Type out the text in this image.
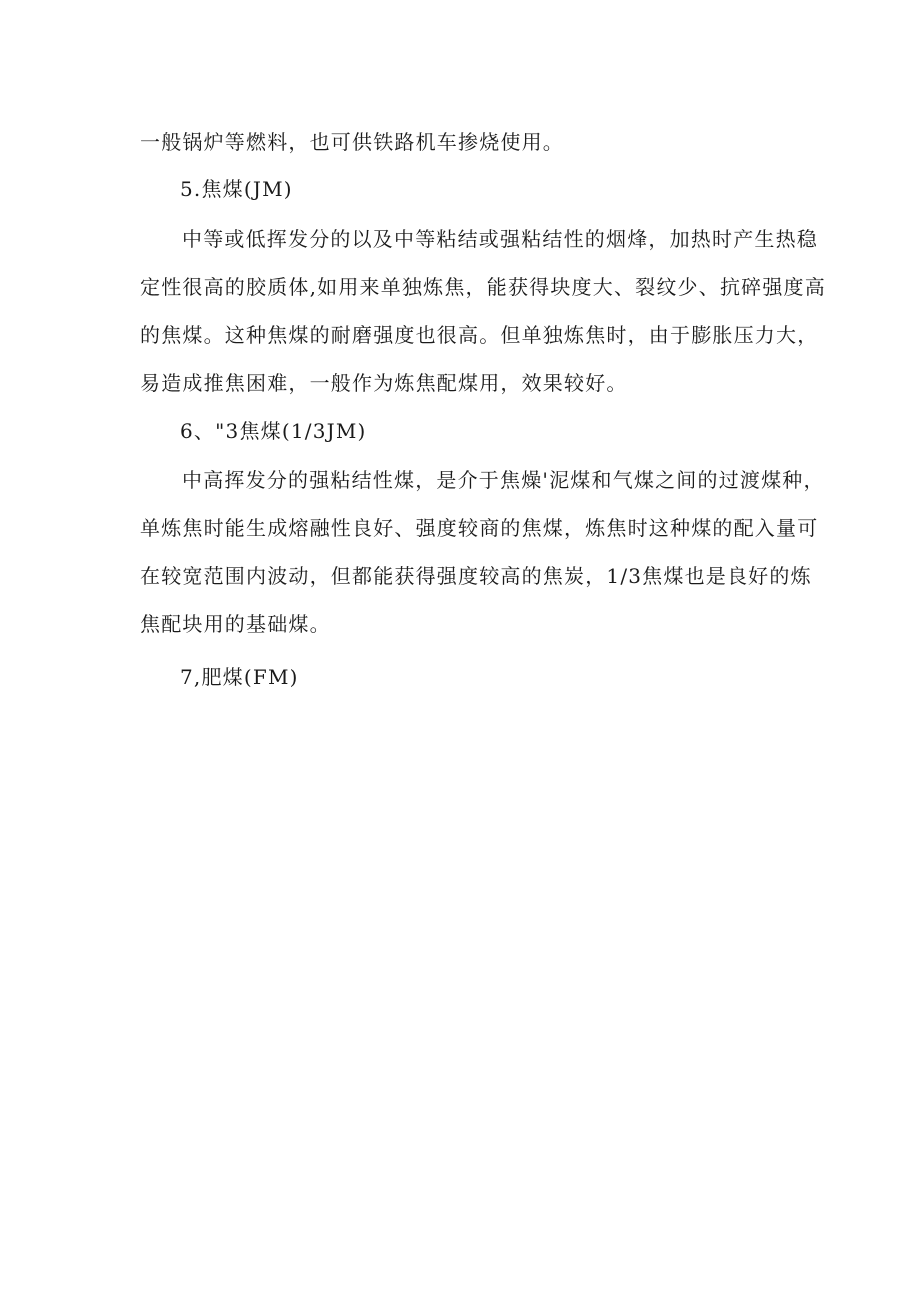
一般锅炉等燃料，也可供铁路机车掺烧使用。
5.焦煤(JM)
中等或低挥发分的以及中等粘结或强粘结性的烟烽，加热时产生热稳
定性很高的胶质体,如用来单独炼焦，能获得块度大、裂纹少、抗碎强度高
的焦煤。这种焦煤的耐磨强度也很高。但单独炼焦时，由于膨胀压力大，
易造成推焦困难，一般作为炼焦配煤用，效果较好。
6、"3焦煤(1/3JM)
中高挥发分的强粘结性煤，是介于焦燥'泥煤和气煤之间的过渡煤种，
单炼焦时能生成熔融性良好、强度较商的焦煤，炼焦时这种煤的配入量可
在较宽范围内波动，但都能获得强度较高的焦炭，1/3焦煤也是良好的炼
焦配块用的基础煤。
7,肥煤(FM)
